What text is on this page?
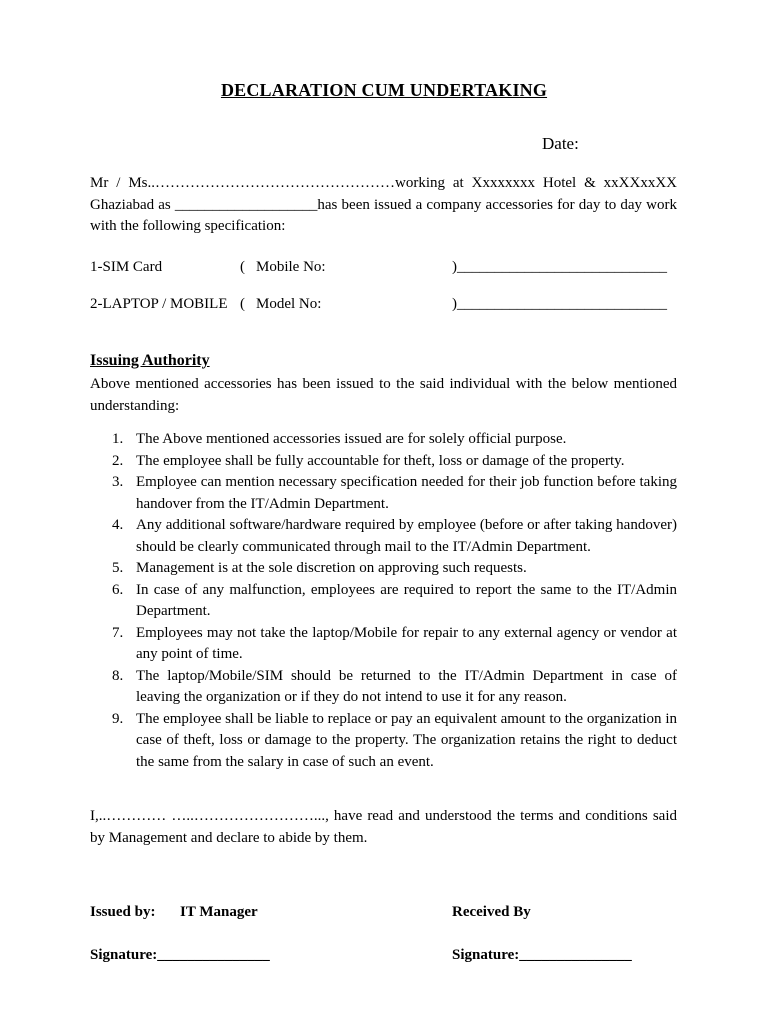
DECLARATION CUM UNDERTAKING
Date:
Mr / Ms..…………………………………………working at Xxxxxxxx Hotel & xxXXxxXX Ghaziabad as ___________________has been issued a company accessories for day to day work with the following specification:
1-SIM Card	( Mobile No:	)____________________________
2-LAPTOP / MOBILE ( Model No:	)____________________________
Issuing Authority
Above mentioned accessories has been issued to the said individual with the below mentioned understanding:
1. The Above mentioned accessories issued are for solely official purpose.
2. The employee shall be fully accountable for theft, loss or damage of the property.
3. Employee can mention necessary specification needed for their job function before taking handover from the IT/Admin Department.
4. Any additional software/hardware required by employee (before or after taking handover) should be clearly communicated through mail to the IT/Admin Department.
5. Management is at the sole discretion on approving such requests.
6. In case of any malfunction, employees are required to report the same to the IT/Admin Department.
7. Employees may not take the laptop/Mobile for repair to any external agency or vendor at any point of time.
8. The laptop/Mobile/SIM should be returned to the IT/Admin Department in case of leaving the organization or if they do not intend to use it for any reason.
9. The employee shall be liable to replace or pay an equivalent amount to the organization in case of theft, loss or damage to the property. The organization retains the right to deduct the same from the salary in case of such an event.
I,..………… …..……………………..., have read and understood the terms and conditions said by Management and declare to abide by them.
Issued by: IT Manager	Received By
Signature:_______________	Signature:_______________
